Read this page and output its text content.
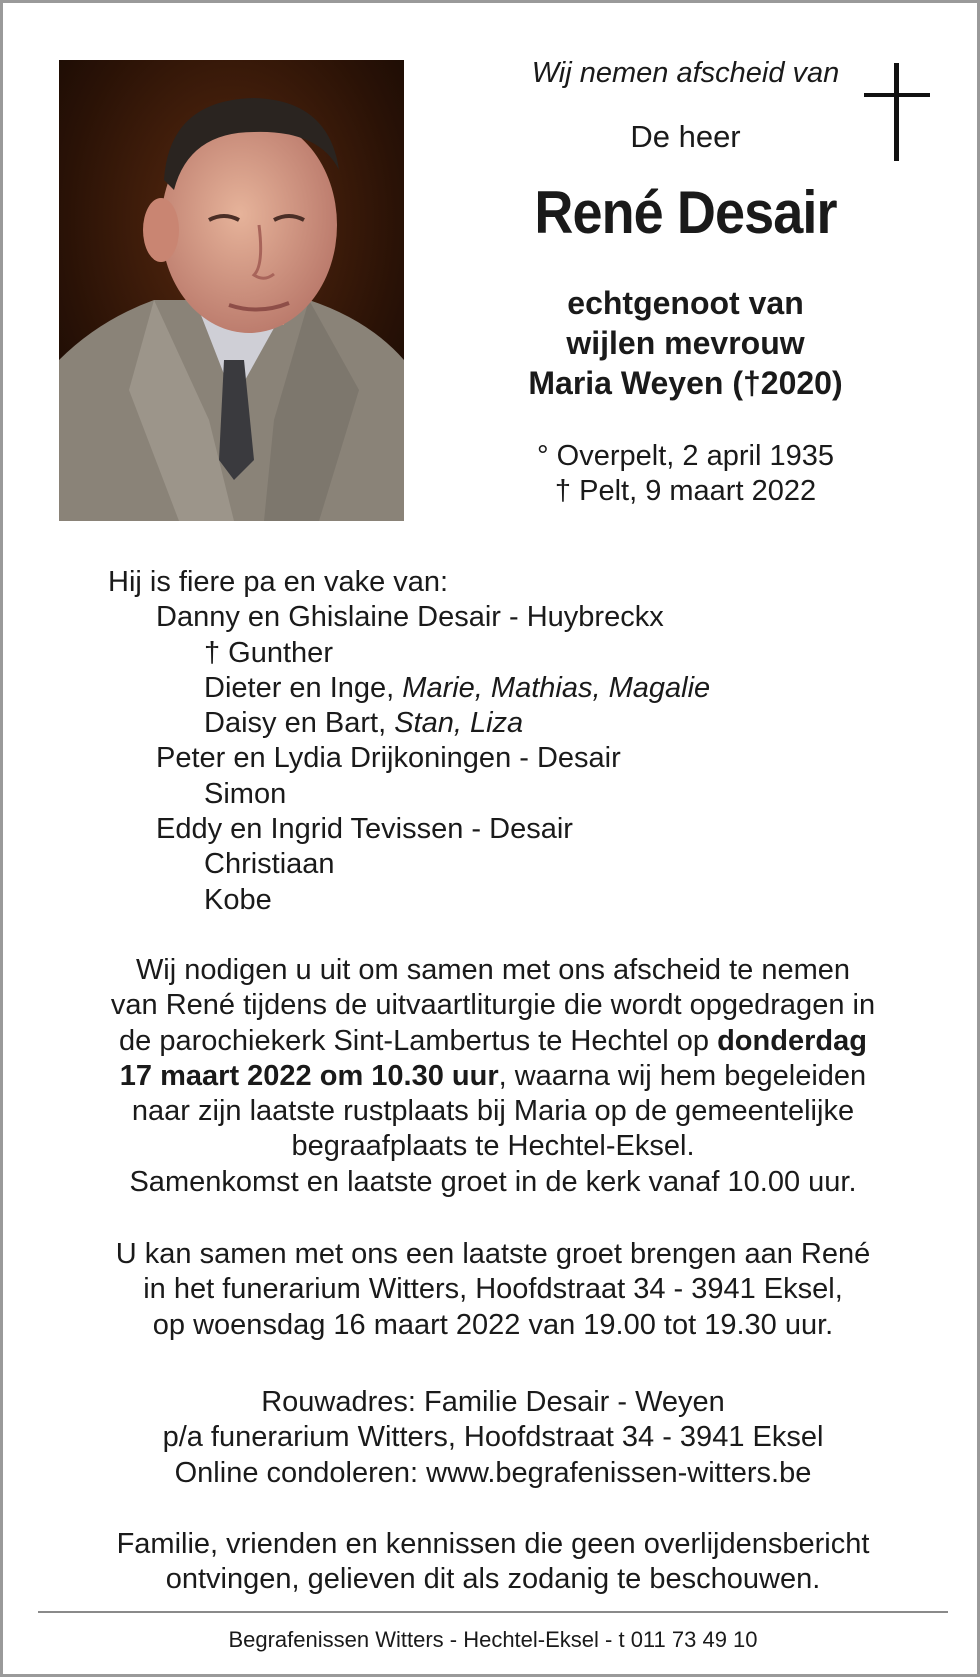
Wij nemen afscheid van

De heer

René Desair

echtgenoot van
wijlen mevrouw
Maria Weyen (†2020)
° Overpelt, 2 april 1935
† Pelt, 9 maart 2022
Hij is fiere pa en vake van:
Danny en Ghislaine Desair - Huybreckx
† Gunther
Dieter en Inge, Marie, Mathias, Magalie
Daisy en Bart, Stan, Liza
Peter en Lydia Drijkoningen - Desair
Simon
Eddy en Ingrid Tevissen - Desair
Christiaan
Kobe

Wij nodigen u uit om samen met ons afscheid te nemen

van René tijdens de uitvaartliturgie die wordt opgedragen in

de parochiekerk Sint-Lambertus te Hechtel op donderdag

17 maart 2022 om 10.30 uur, waarna wij hem begeleiden

naar zijn laatste rustplaats bij Maria op de gemeentelijke

begraafplaats te Hechtel-Eksel.

Samenkomst en laatste groet in de kerk vanaf 10.00 uur.

U kan samen met ons een laatste groet brengen aan René

in het funerarium Witters, Hoofdstraat 34 - 3941 Eksel,

op woensdag 16 maart 2022 van 19.00 tot 19.30 uur.

Rouwadres: Familie Desair - Weyen

p/a funerarium Witters, Hoofdstraat 34 - 3941 Eksel

Online condoleren: www.begrafenissen-witters.be

Familie, vrienden en kennissen die geen overlijdensbericht

ontvingen, gelieven dit als zodanig te beschouwen.

Begrafenissen Witters - Hechtel-Eksel - t 011 73 49 10
